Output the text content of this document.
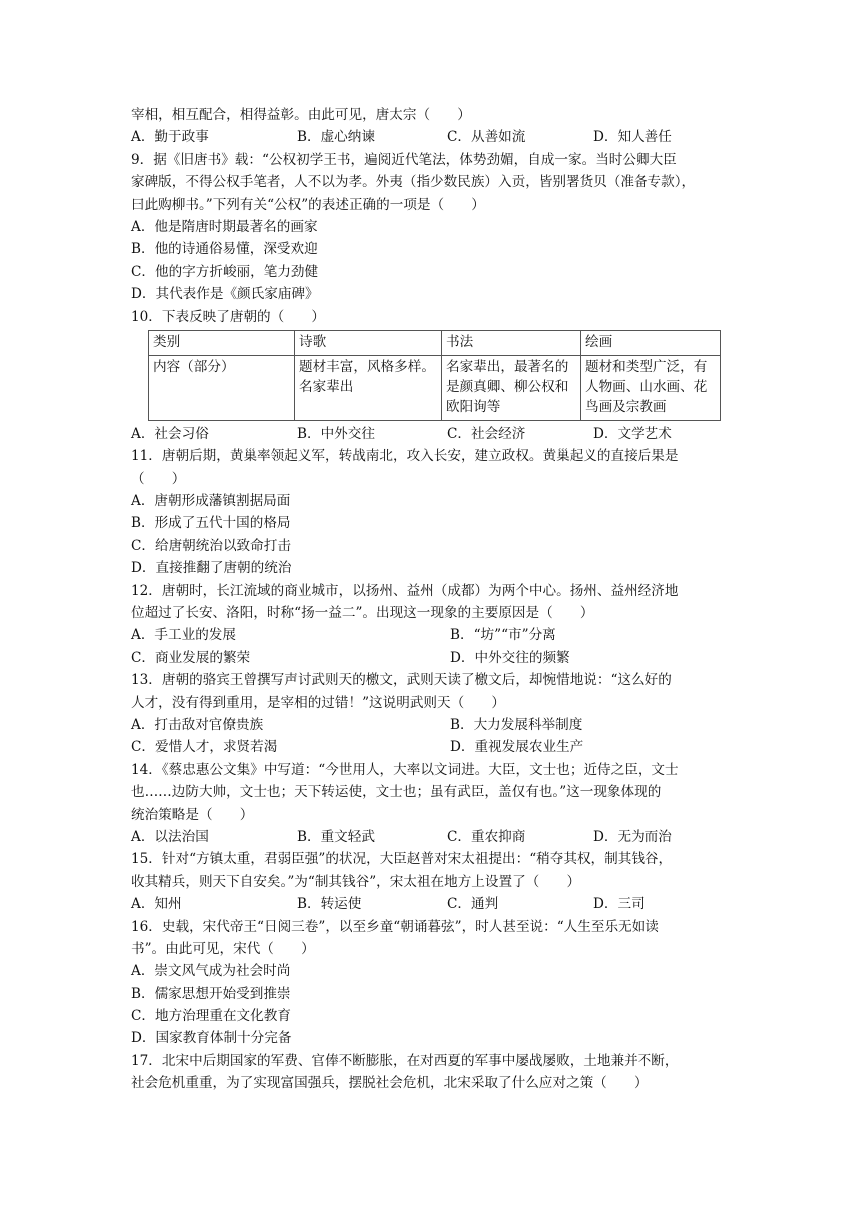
宰相，相互配合，相得益彰。由此可见，唐太宗（　　）
A．勤于政事	B．虚心纳谏	C．从善如流	D．知人善任
9．据《旧唐书》载：“公权初学王书，遍阅近代笔法，体势劲媚，自成一家。当时公卿大臣
家碑版，不得公权手笔者，人不以为孝。外夷（指少数民族）入贡，皆别署货贝（准备专款），
曰此购柳书。”下列有关“公权”的表述正确的一项是（　　）
A．他是隋唐时期最著名的画家
B．他的诗通俗易懂，深受欢迎
C．他的字方折峻丽，笔力劲健
D．其代表作是《颜氏家庙碑》
10．下表反映了唐朝的（　　）
类别	诗歌	书法	绘画
内容（部分）	题材丰富，风格多样。名家辈出	名家辈出，最著名的是颜真卿、柳公权和欧阳询等	题材和类型广泛，有人物画、山水画、花鸟画及宗教画
A．社会习俗	B．中外交往	C．社会经济	D．文学艺术
11．唐朝后期，黄巢率领起义军，转战南北，攻入长安，建立政权。黄巢起义的直接后果是
（　　）
A．唐朝形成藩镇割据局面
B．形成了五代十国的格局
C．给唐朝统治以致命打击
D．直接推翻了唐朝的统治
12．唐朝时，长江流域的商业城市，以扬州、益州（成都）为两个中心。扬州、益州经济地
位超过了长安、洛阳，时称“扬一益二”。出现这一现象的主要原因是（　　）
A．手工业的发展	B．“坊”“市”分离
C．商业发展的繁荣	D．中外交往的频繁
13．唐朝的骆宾王曾撰写声讨武则天的檄文，武则天读了檄文后，却惋惜地说：“这么好的
人才，没有得到重用，是宰相的过错！”这说明武则天（　　）
A．打击敌对官僚贵族	B．大力发展科举制度
C．爱惜人才，求贤若渴	D．重视发展农业生产
14．《蔡忠惠公文集》中写道：“今世用人，大率以文词进。大臣，文士也；近侍之臣，文士
也……边防大帅，文士也；天下转运使，文士也；虽有武臣，盖仅有也。”这一现象体现的
统治策略是（　　）
A．以法治国	B．重文轻武	C．重农抑商	D．无为而治
15．针对“方镇太重，君弱臣强”的状况，大臣赵普对宋太祖提出：“稍夺其权，制其钱谷，
收其精兵，则天下自安矣。”为“制其钱谷”，宋太祖在地方上设置了（　　）
A．知州	B．转运使	C．通判	D．三司
16．史载，宋代帝王“日阅三卷”，以至乡童“朝诵暮弦”，时人甚至说：“人生至乐无如读
书”。由此可见，宋代（　　）
A．崇文风气成为社会时尚
B．儒家思想开始受到推崇
C．地方治理重在文化教育
D．国家教育体制十分完备
17．北宋中后期国家的军费、官俸不断膨胀，在对西夏的军事中屡战屡败，土地兼并不断，
社会危机重重，为了实现富国强兵，摆脱社会危机，北宋采取了什么应对之策（　　）
